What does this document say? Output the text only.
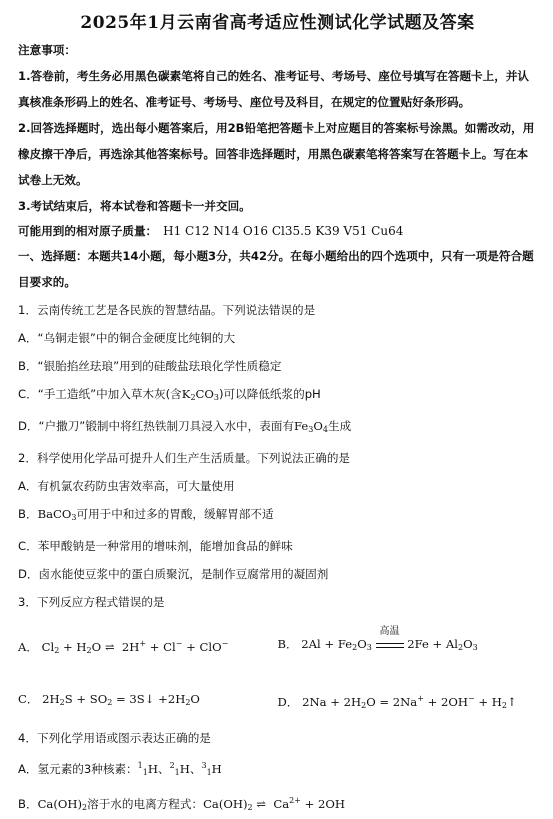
2025年1月云南省高考适应性测试化学试题及答案
注意事项：
1.答卷前，考生务必用黑色碳素笔将自己的姓名、准考证号、考场号、座位号填写在答题卡上，并认真核准条形码上的姓名、准考证号、考场号、座位号及科目，在规定的位置贴好条形码。
2.回答选择题时，选出每小题答案后，用2B铅笔把答题卡上对应题目的答案标号涂黑。如需改动，用橡皮擦干净后，再选涂其他答案标号。回答非选择题时，用黑色碳素笔将答案写在答题卡上。写在本试卷上无效。
3.考试结束后，将本试卷和答题卡一并交回。
可能用到的相对原子质量： H1 C12 N14 O16 Cl35.5 K39 V51 Cu64
一、选择题：本题共14小题，每小题3分，共42分。在每小题给出的四个选项中，只有一项是符合题目要求的。
1．云南传统工艺是各民族的智慧结晶。下列说法错误的是
A．“乌铜走银”中的铜合金硬度比纯铜的大
B．“银胎掐丝珐琅”用到的硅酸盐珐琅化学性质稳定
C．“手工造纸”中加入草木灰(含$K_2CO_3$)可以降低纸浆的pH
D．“户撒刀”锻制中将红热铁制刀具浸入水中，表面有$Fe_3O_4$生成
2．科学使用化学品可提升人们生产生活质量。下列说法正确的是
A．有机氯农药防虫害效率高，可大量使用
B．BaCO$_3$可用于中和过多的胃酸，缓解胃部不适
C．苯甲酸钠是一种常用的增味剂，能增加食品的鲜味
D．卤水能使豆浆中的蛋白质聚沉，是制作豆腐常用的凝固剂
3．下列反应方程式错误的是
A． $Cl_2 + H_2O$ ⇌  2H+ + Cl− + ClO−	B． $2Al + Fe_2O_3$
高温
$2Fe + Al_2O_3$
C． $2H_2S + SO_2$ = 3S↓ $+2H_2O$	D． $2Na + 2H_2O = 2Na^+ + 2OH^-$ + $H_2↑$
4．下列化学用语或图示表达正确的是
A．氢元素的3种核素：$^1_1$H、$^2_1$H、$^3_1$H
B．$Ca(OH)_2$溶于水的电离方程式：$Ca(OH)_2$ ⇌  $Ca^{2+} + 2OH$
